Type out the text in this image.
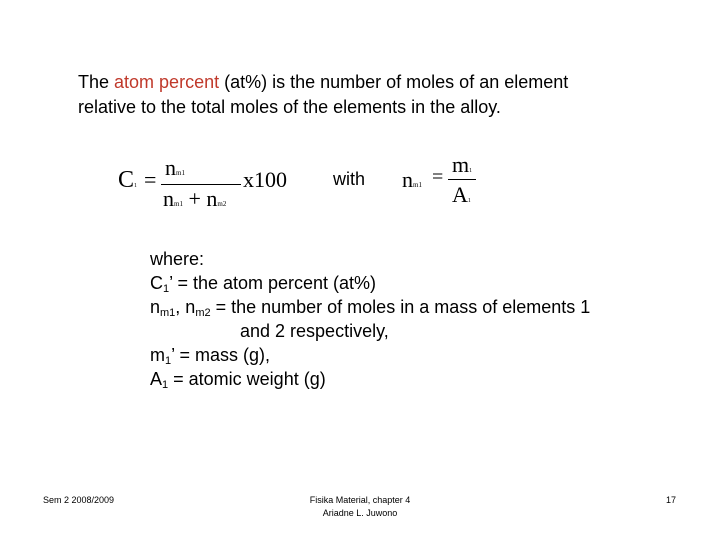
The atom percent (at%) is the number of moles of an element
relative to the total moles of the elements in the alloy.
C1 = nm1
nm1 + nm2
x100	with nm1 = m1
A1
where:
$C_1$’ = the atom percent (at%)
$n_{m1}$, $n_{m2}$ = the number of moles in a mass of elements 1
and 2 respectively,
$m_1$’ = mass (g),
$A_1$ = atomic weight (g)
Sem 2 2008/2009	Fisika Material, chapter 4
Ariadne L. Juwono
17
